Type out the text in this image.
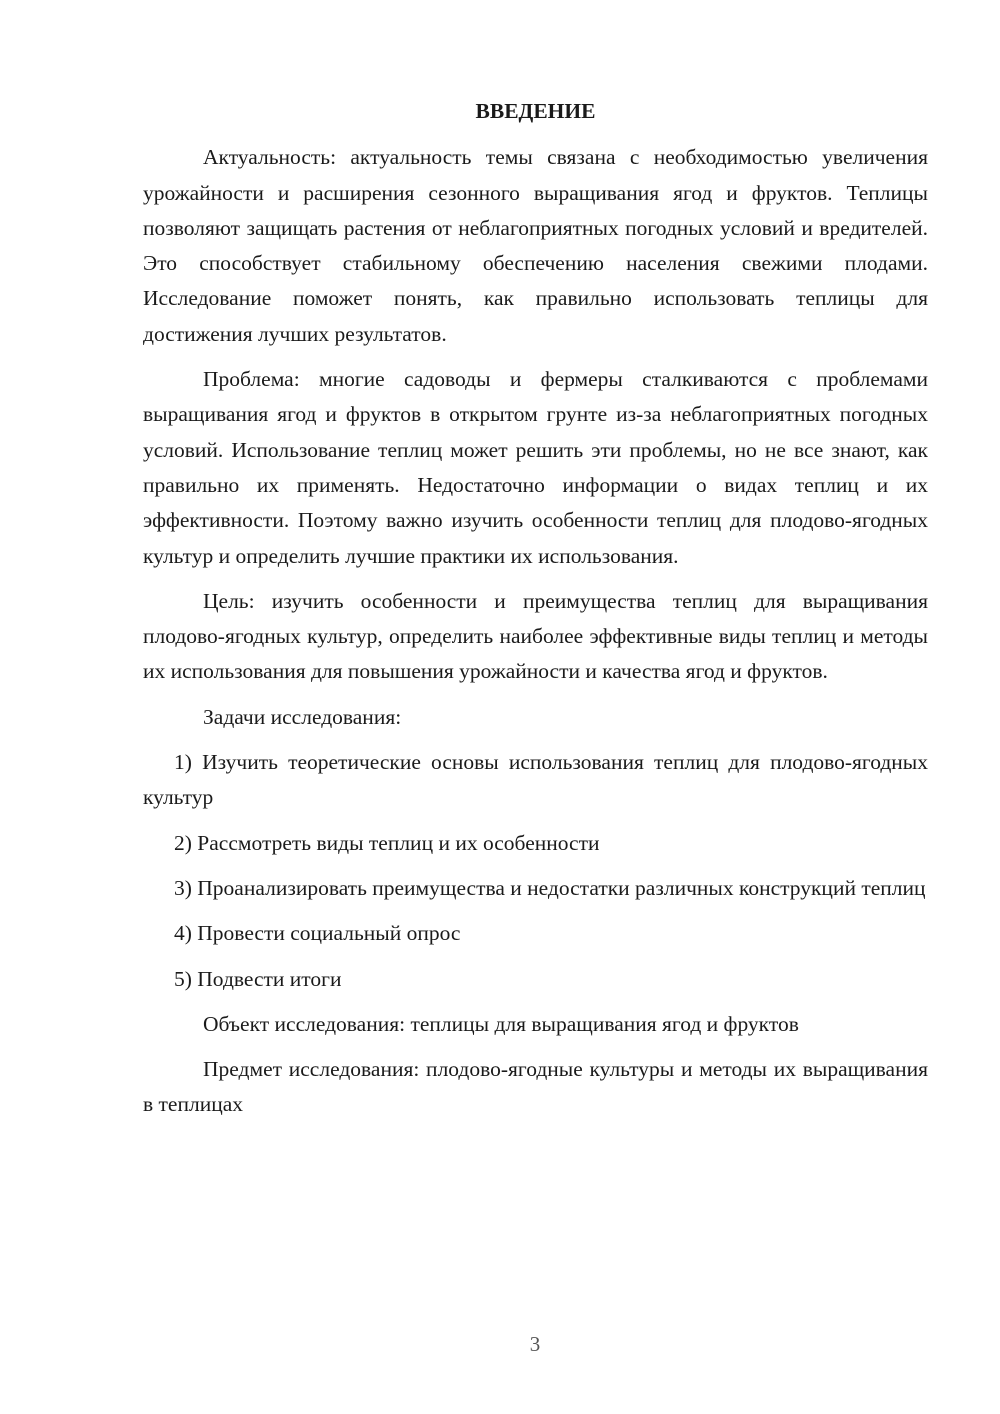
ВВЕДЕНИЕ

Актуальность: актуальность темы связана с необходимостью увеличения урожайности и расширения сезонного выращивания ягод и фруктов. Теплицы позволяют защищать растения от неблагоприятных погодных условий и вредителей. Это способствует стабильному обеспечению населения свежими плодами. Исследование поможет понять, как правильно использовать теплицы для достижения лучших результатов.

Проблема: многие садоводы и фермеры сталкиваются с проблемами выращивания ягод и фруктов в открытом грунте из-за неблагоприятных погодных условий. Использование теплиц может решить эти проблемы, но не все знают, как правильно их применять. Недостаточно информации о видах теплиц и их эффективности. Поэтому важно изучить особенности теплиц для плодово-ягодных культур и определить лучшие практики их использования.

Цель: изучить особенности и преимущества теплиц для выращивания плодово-ягодных культур, определить наиболее эффективные виды теплиц и методы их использования для повышения урожайности и качества ягод и фруктов.

Задачи исследования:

1) Изучить теоретические основы использования теплиц для плодово-ягодных культур

2) Рассмотреть виды теплиц и их особенности

3) Проанализировать преимущества и недостатки различных конструкций теплиц

4) Провести социальный опрос

5) Подвести итоги

Объект исследования: теплицы для выращивания ягод и фруктов

Предмет исследования: плодово-ягодные культуры и методы их выращивания в теплицах

3
